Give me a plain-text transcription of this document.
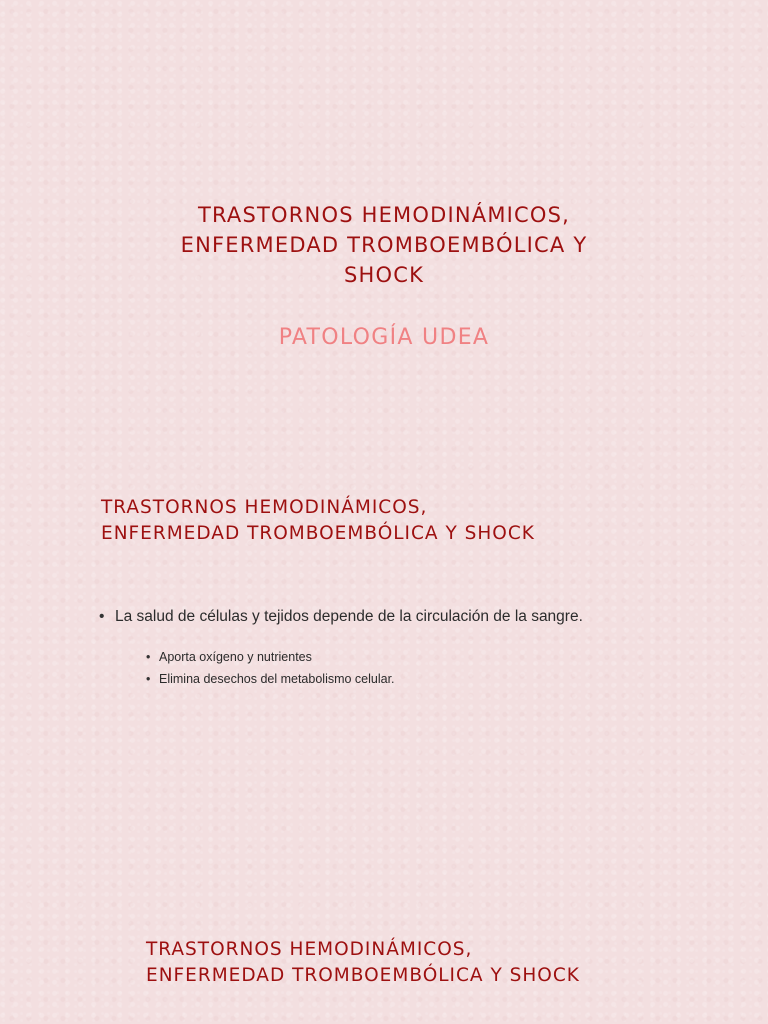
TRASTORNOS HEMODINÁMICOS,
ENFERMEDAD TROMBOEMBÓLICA Y
SHOCK

PATOLOGÍA UDEA

TRASTORNOS HEMODINÁMICOS,
ENFERMEDAD TROMBOEMBÓLICA Y SHOCK
• La salud de células y tejidos depende de la circulación de la sangre.
• Aporta oxígeno y nutrientes
• Elimina desechos del metabolismo celular.
TRASTORNOS HEMODINÁMICOS,
ENFERMEDAD TROMBOEMBÓLICA Y SHOCK
